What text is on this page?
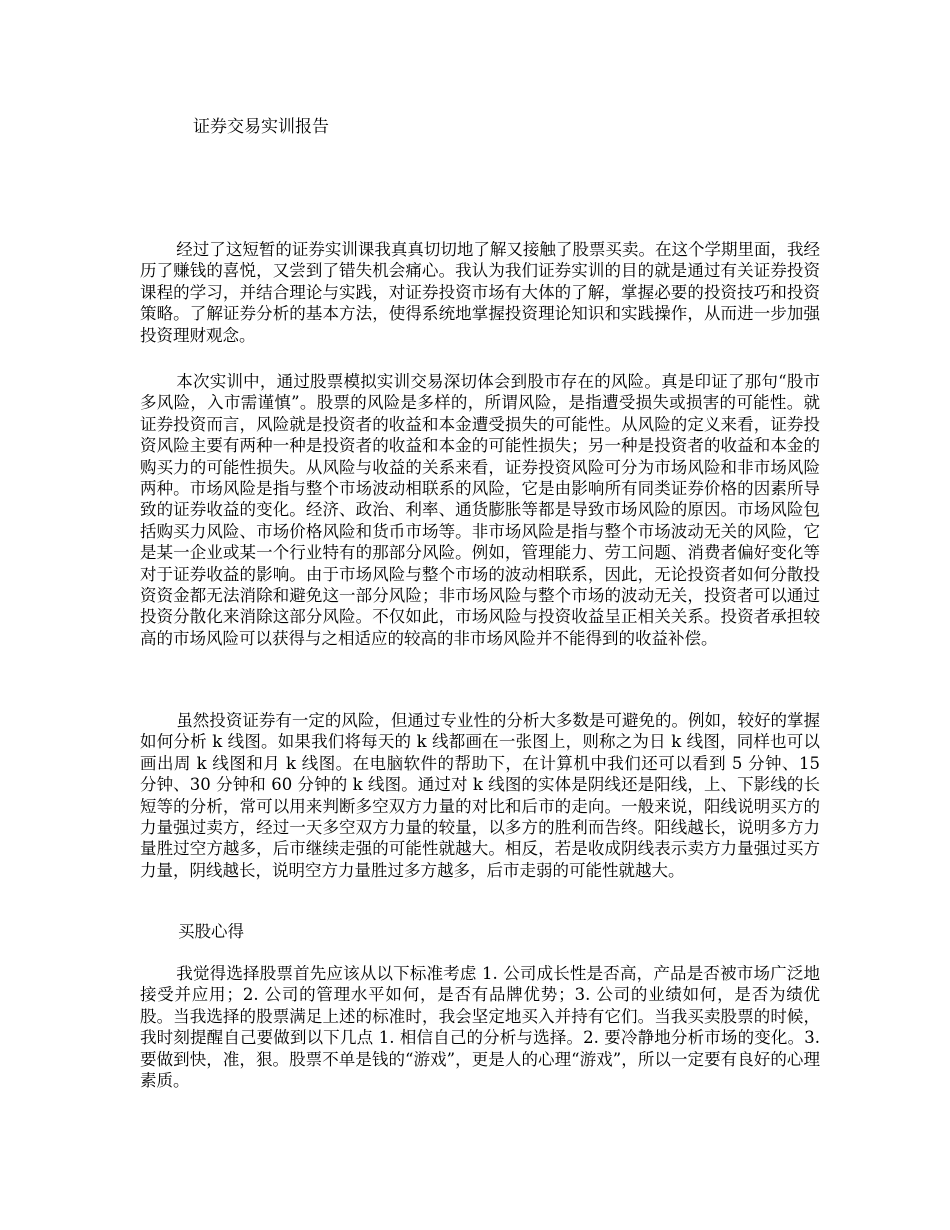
证券交易实训报告

经过了这短暂的证券实训课我真真切切地了解又接触了股票买卖。在这个学期里面，我经历了赚钱的喜悦，又尝到了错失机会痛心。我认为我们证券实训的目的就是通过有关证券投资课程的学习，并结合理论与实践，对证券投资市场有大体的了解，掌握必要的投资技巧和投资策略。了解证券分析的基本方法，使得系统地掌握投资理论知识和实践操作，从而进一步加强投资理财观念。

本次实训中，通过股票模拟实训交易深切体会到股市存在的风险。真是印证了那句“股市多风险，入市需谨慎”。股票的风险是多样的，所谓风险，是指遭受损失或损害的可能性。就证券投资而言，风险就是投资者的收益和本金遭受损失的可能性。从风险的定义来看，证券投资风险主要有两种一种是投资者的收益和本金的可能性损失；另一种是投资者的收益和本金的购买力的可能性损失。从风险与收益的关系来看，证券投资风险可分为市场风险和非市场风险两种。市场风险是指与整个市场波动相联系的风险，它是由影响所有同类证券价格的因素所导致的证券收益的变化。经济、政治、利率、通货膨胀等都是导致市场风险的原因。市场风险包括购买力风险、市场价格风险和货币市场等。非市场风险是指与整个市场波动无关的风险，它是某一企业或某一个行业特有的那部分风险。例如，管理能力、劳工问题、消费者偏好变化等对于证券收益的影响。由于市场风险与整个市场的波动相联系，因此，无论投资者如何分散投资资金都无法消除和避免这一部分风险；非市场风险与整个市场的波动无关，投资者可以通过投资分散化来消除这部分风险。不仅如此，市场风险与投资收益呈正相关关系。投资者承担较高的市场风险可以获得与之相适应的较高的非市场风险并不能得到的收益补偿。

虽然投资证券有一定的风险，但通过专业性的分析大多数是可避免的。例如，较好的掌握如何分析 k 线图。如果我们将每天的 k 线都画在一张图上，则称之为日 k 线图，同样也可以画出周 k 线图和月 k 线图。在电脑软件的帮助下，在计算机中我们还可以看到 5 分钟、15 分钟、30 分钟和 60 分钟的 k 线图。通过对 k 线图的实体是阴线还是阳线，上、下影线的长短等的分析，常可以用来判断多空双方力量的对比和后市的走向。一般来说，阳线说明买方的力量强过卖方，经过一天多空双方力量的较量，以多方的胜利而告终。阳线越长，说明多方力量胜过空方越多，后市继续走强的可能性就越大。相反，若是收成阴线表示卖方力量强过买方力量，阴线越长，说明空方力量胜过多方越多，后市走弱的可能性就越大。

买股心得

我觉得选择股票首先应该从以下标准考虑 1. 公司成长性是否高，产品是否被市场广泛地接受并应用；2. 公司的管理水平如何，是否有品牌优势；3. 公司的业绩如何，是否为绩优股。当我选择的股票满足上述的标准时，我会坚定地买入并持有它们。当我买卖股票的时候，我时刻提醒自己要做到以下几点 1. 相信自己的分析与选择。2. 要冷静地分析市场的变化。3. 要做到快，准，狠。股票不单是钱的“游戏”，更是人的心理“游戏”，所以一定要有良好的心理素质。
